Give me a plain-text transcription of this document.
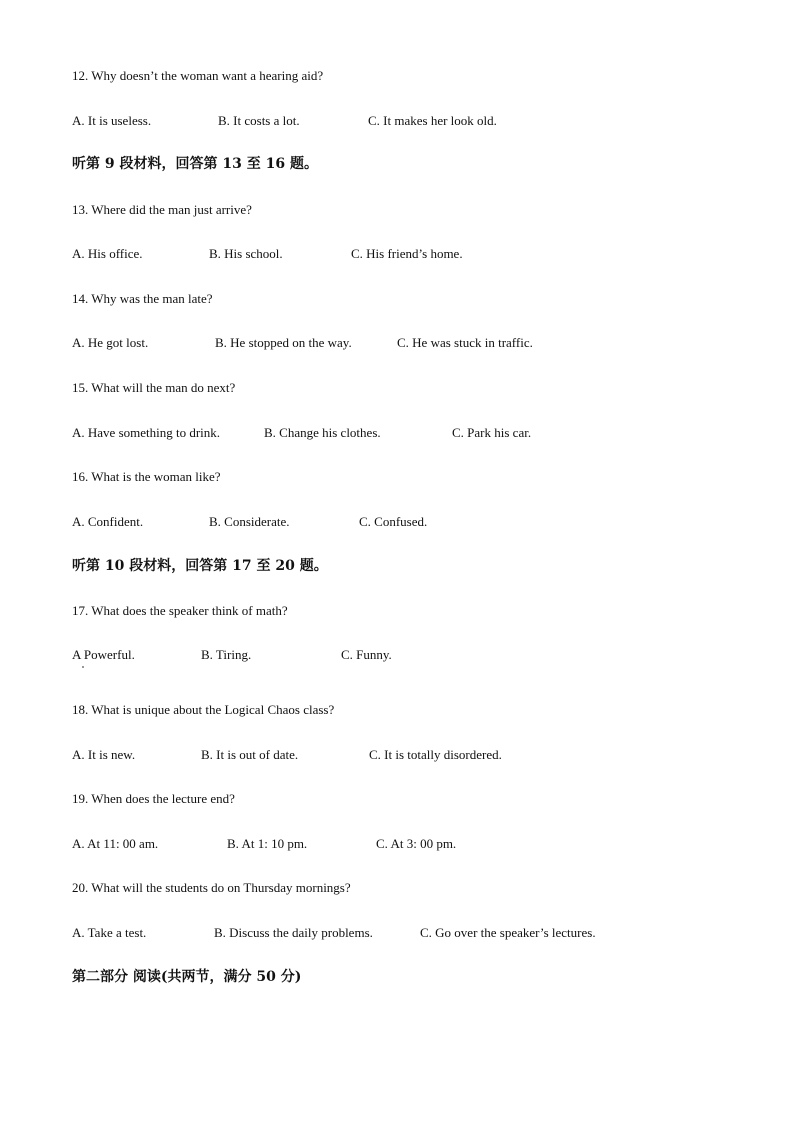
12. Why doesn’t the woman want a hearing aid?
A. It is useless.	B. It costs a lot.	C. It makes her look old.
听第 9 段材料，回答第 13 至 16 题。
13. Where did the man just arrive?
A. His office.	B. His school.	C. His friend’s home.
14. Why was the man late?
A. He got lost.	B. He stopped on the way.	C. He was stuck in traffic.
15. What will the man do next?
A. Have something to drink.	B. Change his clothes.	C. Park his car.
16. What is the woman like?
A. Confident.	B. Considerate.	C. Confused.
听第 10 段材料，回答第 17 至 20 题。
17. What does the speaker think of math?
A Powerful.	B. Tiring.	C. Funny.
18. What is unique about the Logical Chaos class?
A. It is new.	B. It is out of date.	C. It is totally disordered.
19. When does the lecture end?
A. At 11: 00 am.	B. At 1: 10 pm.	C. At 3: 00 pm.
20. What will the students do on Thursday mornings?
A. Take a test.	B. Discuss the daily problems.	C. Go over the speaker’s lectures.
第二部分 阅读(共两节，满分 50 分)
